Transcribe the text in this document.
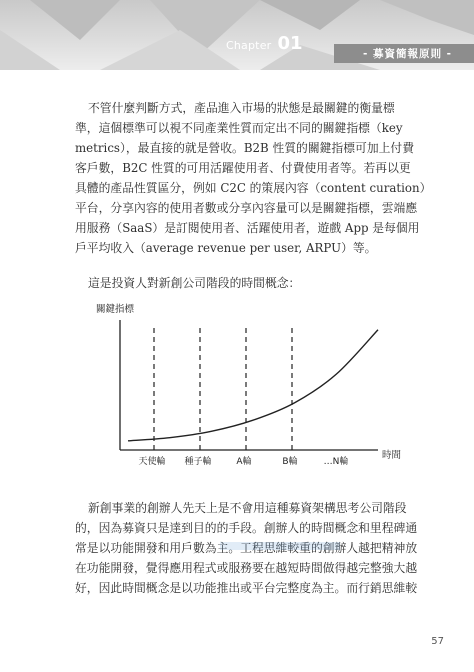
Chapter 01	- 募資簡報原則 -
不管什麼判斷方式，產品進入市場的狀態是最關鍵的衡量標
準，這個標準可以視不同產業性質而定出不同的關鍵指標（key
metrics），最直接的就是營收。B2B 性質的關鍵指標可加上付費
客戶數，B2C 性質的可用活躍使用者、付費使用者等。若再以更
具體的產品性質區分，例如 C2C 的策展內容（content curation）
平台，分享內容的使用者數或分享內容量可以是關鍵指標，雲端應
用服務（SaaS）是訂閱使用者、活躍使用者，遊戲 App 是每個用
戶平均收入（average revenue per user, ARPU）等。
這是投資人對新創公司階段的時間概念：
關鍵指標
時間
天使輪 種子輪	A輪	B輪	…N輪
新創事業的創辦人先天上是不會用這種募資架構思考公司階段
的，因為募資只是達到目的的手段。創辦人的時間概念和里程碑通
常是以功能開發和用戶數為主。工程思維較重的創辦人越把精神放
在功能開發，覺得應用程式或服務要在越短時間做得越完整強大越
好，因此時間概念是以功能推出或平台完整度為主。而行銷思維較
57
